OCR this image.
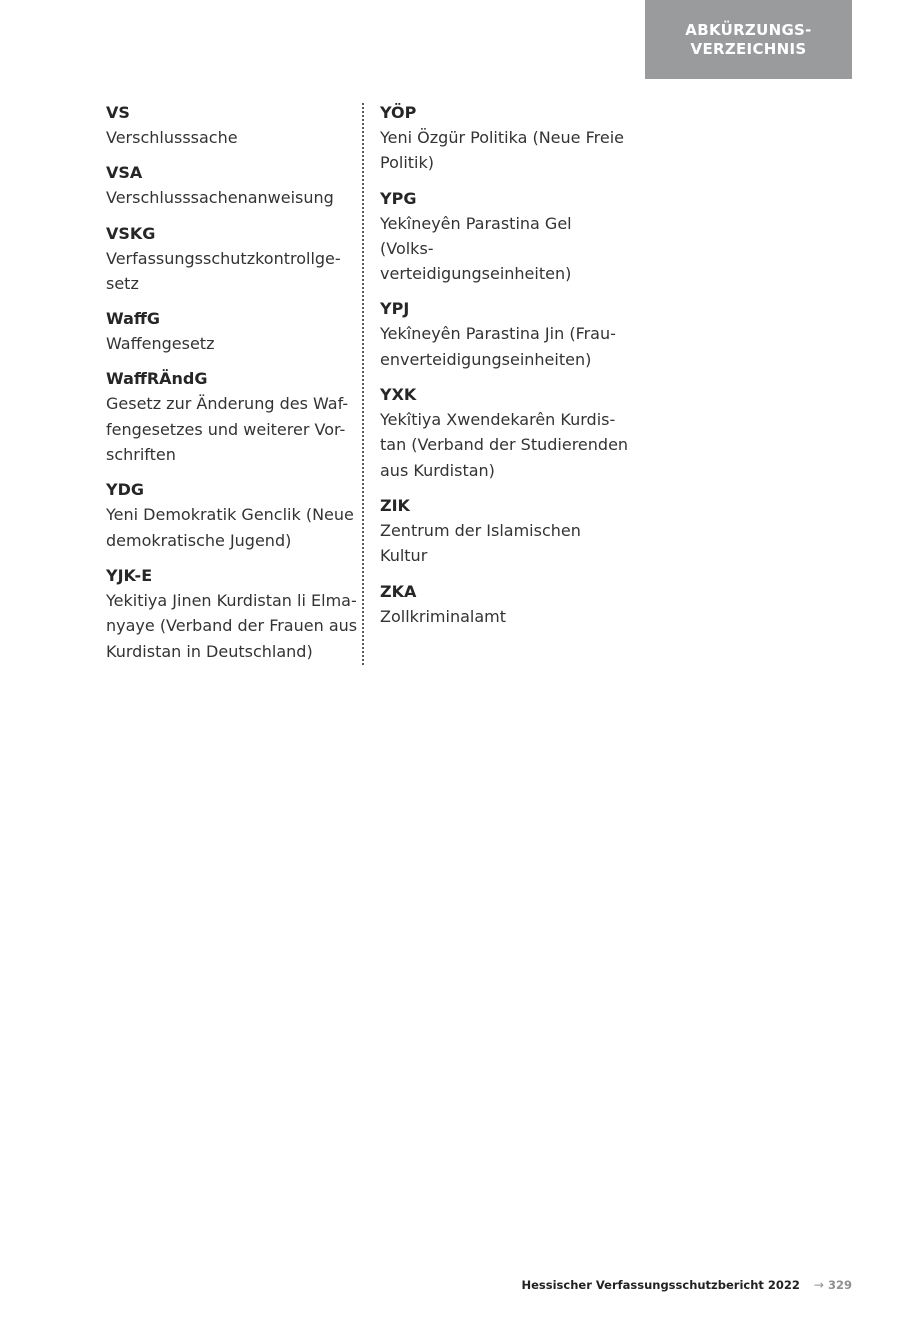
ABKÜRZUNGS-
VERZEICHNIS
VS
Verschlusssache
VSA
Verschlusssachenanweisung
VSKG
Verfassungsschutzkontrollge-
setz
WaffG
Waffengesetz
WaffRÄndG
Gesetz zur Änderung des Waf-
fengesetzes und weiterer Vor-
schriften
YDG
Yeni Demokratik Genclik (Neue
demokratische Jugend)
YJK-E
Yekitiya Jinen Kurdistan li Elma-
nyaye (Verband der Frauen aus
Kurdistan in Deutschland)
YÖP
Yeni Özgür Politika (Neue Freie
Politik)
YPG
Yekîneyên Parastina Gel (Volks-
verteidigungseinheiten)
YPJ
Yekîneyên Parastina Jin (Frau-
enverteidigungseinheiten)
YXK
Yekîtiya Xwendekarên Kurdis-
tan (Verband der Studierenden
aus Kurdistan)
ZIK
Zentrum der Islamischen Kultur
ZKA
Zollkriminalamt
Hessischer Verfassungsschutzbericht 2022 → 329
